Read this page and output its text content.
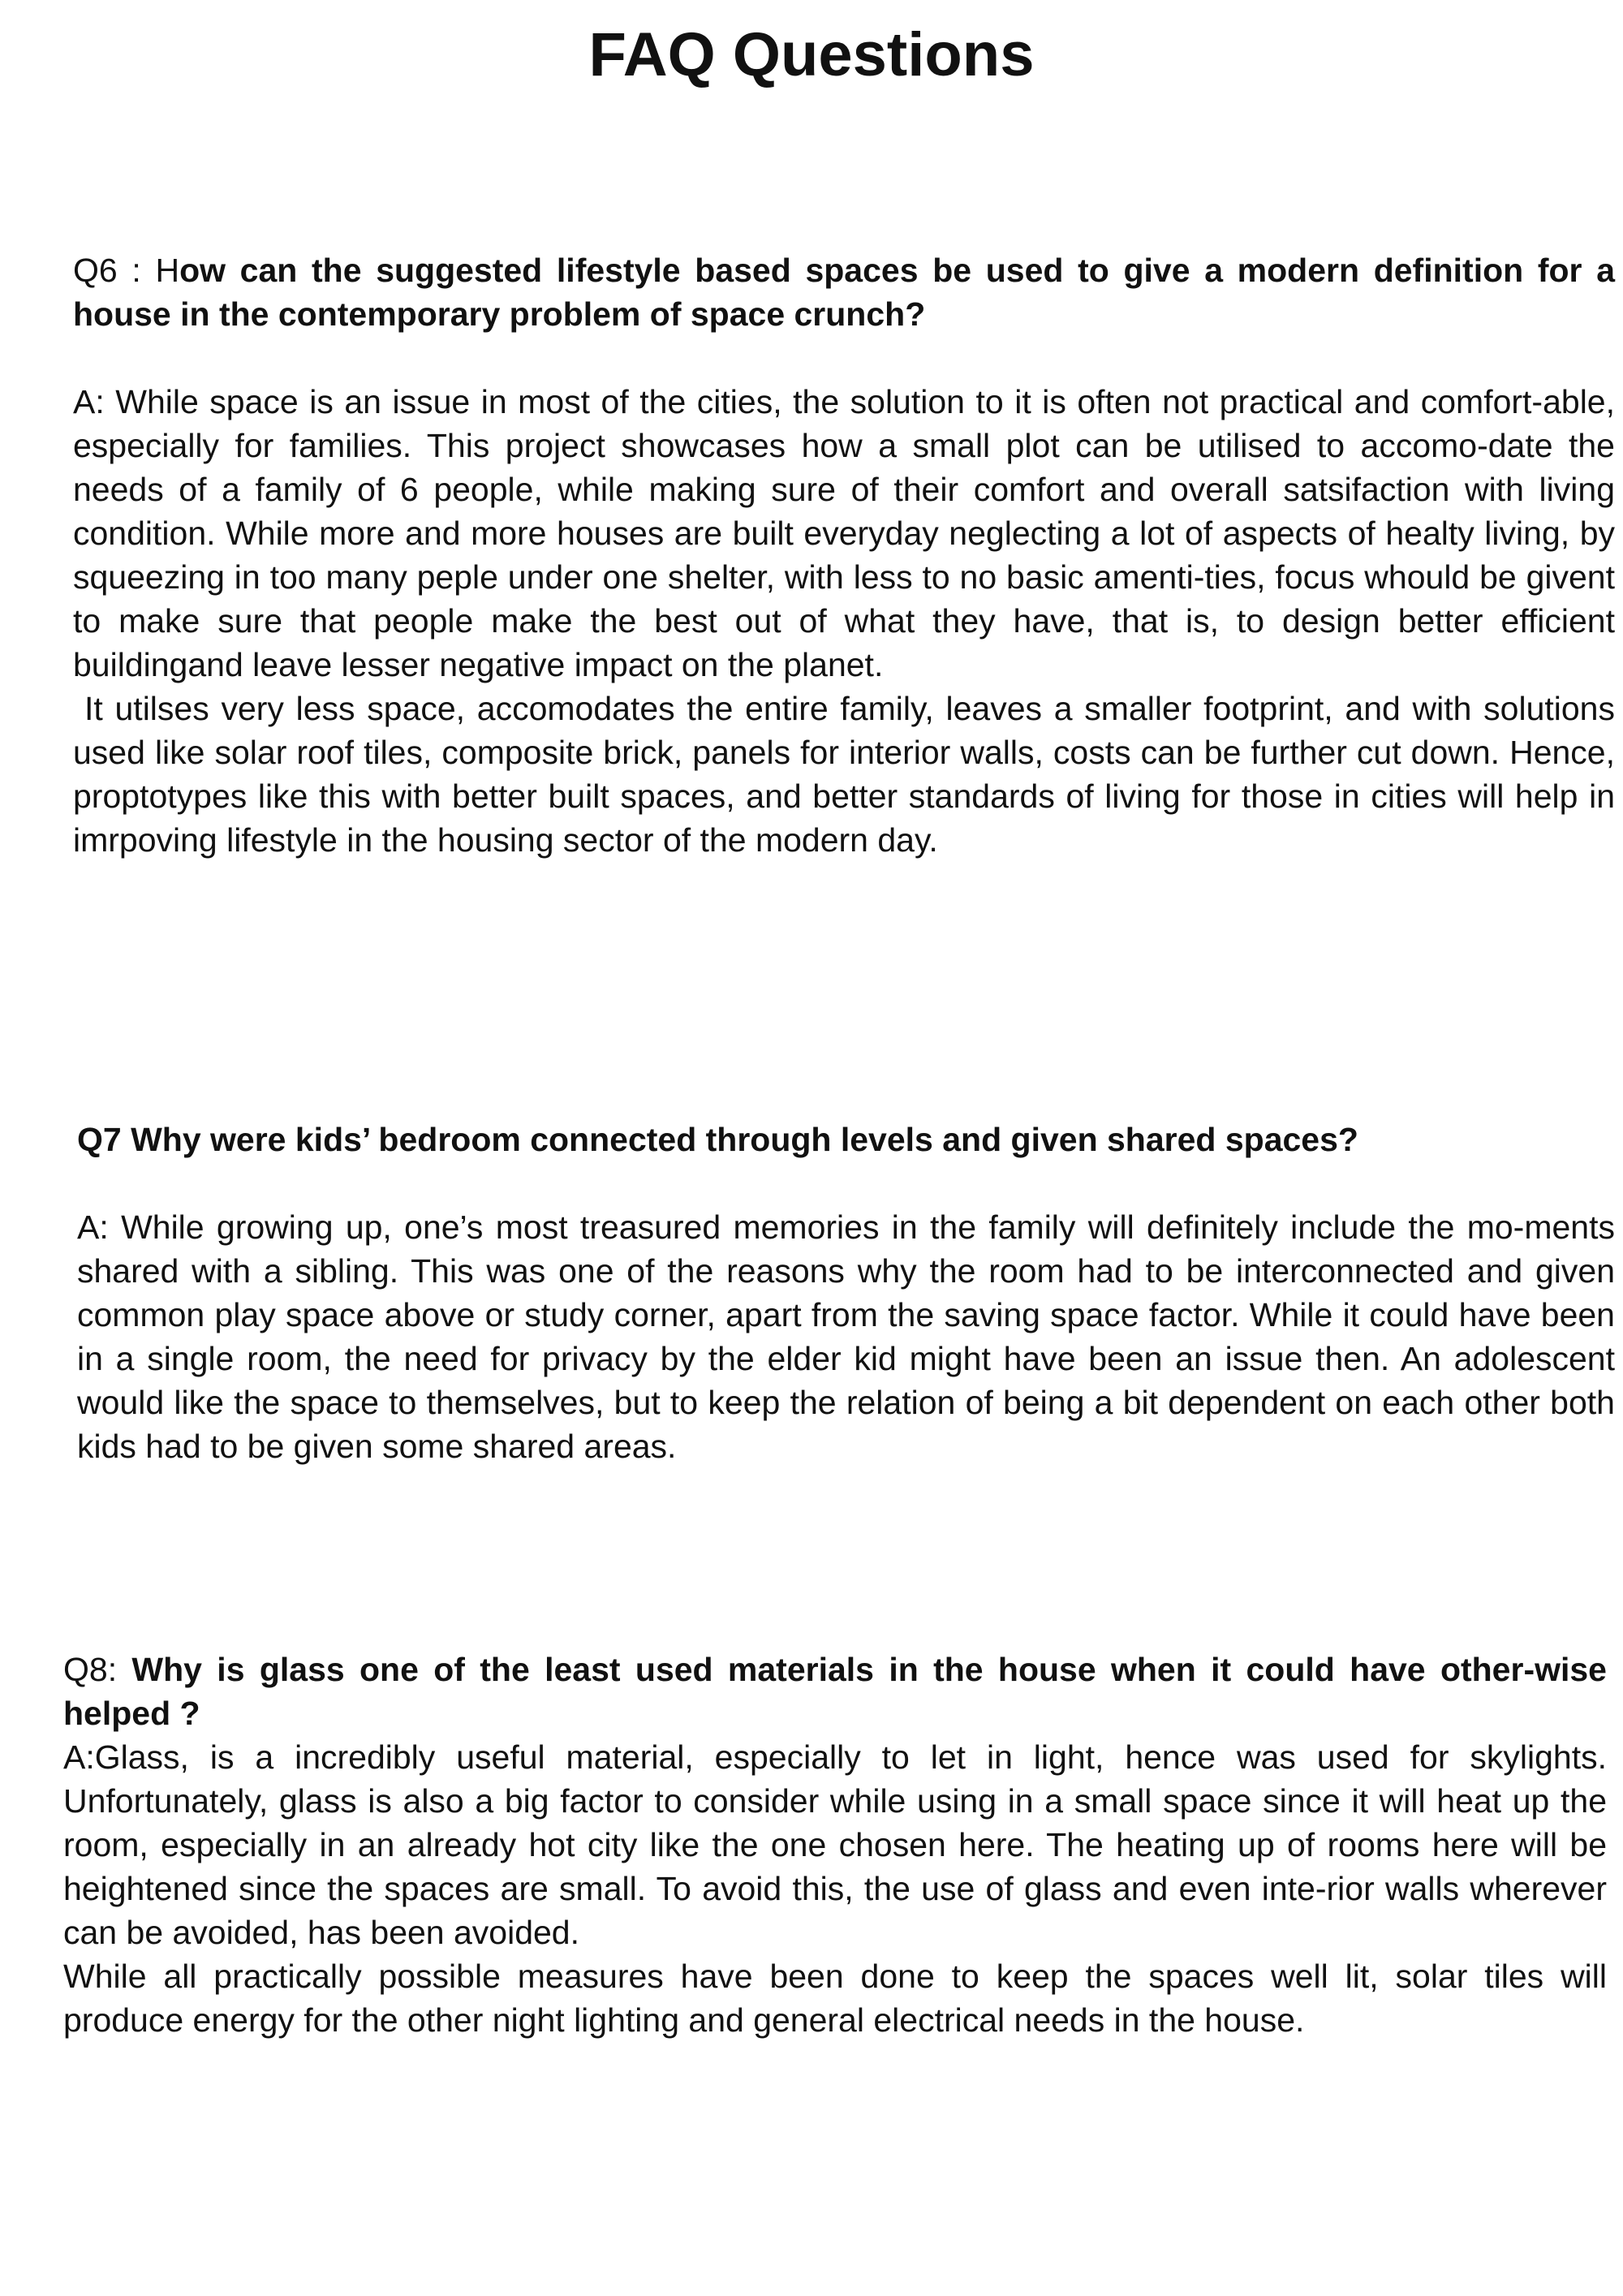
FAQ Questions

Q6 : How can the suggested lifestyle based spaces be used to give a modern definition for a house in the contemporary problem of space crunch?

A: While space is an issue in most of the cities, the solution to it is often not practical and comfort-able, especially for families. This project showcases how a small plot can be utilised to accomo-date the needs of a family of 6 people, while making sure of their comfort and overall satsifaction with living condition. While more and more houses are built everyday neglecting a lot of aspects of healty living, by squeezing in too many peple under one shelter, with less to no basic amenti-ties, focus whould be givent to make sure that people make the best out of what they have, that is, to design better efficient buildingand leave lesser negative impact on the planet.

It utilses very less space, accomodates the entire family, leaves a smaller footprint, and with solutions used like solar roof tiles, composite brick, panels for interior walls, costs can be further cut down. Hence, proptotypes like this with better built spaces, and better standards of living for those in cities will help in imrpoving lifestyle in the housing sector of the modern day.

Q7 Why were kids’ bedroom connected through levels and given shared spaces?

A: While growing up, one’s most treasured memories in the family will definitely include the mo-ments shared with a sibling. This was one of the reasons why the room had to be interconnected and given common play space above or study corner, apart from the saving space factor. While it could have been in a single room, the need for privacy by the elder kid might have been an issue then. An adolescent would like the space to themselves, but to keep the relation of being a bit dependent on each other both kids had to be given some shared areas.

Q8: Why is glass one of the least used materials in the house when it could have other-wise helped ?

A:Glass, is a incredibly useful material, especially to let in light, hence was used for skylights. Unfortunately, glass is also a big factor to consider while using in a small space since it will heat up the room, especially in an already hot city like the one chosen here. The heating up of rooms here will be heightened since the spaces are small. To avoid this, the use of glass and even inte-rior walls wherever can be avoided, has been avoided.

While all practically possible measures have been done to keep the spaces well lit, solar tiles will produce energy for the other night lighting and general electrical needs in the house.
